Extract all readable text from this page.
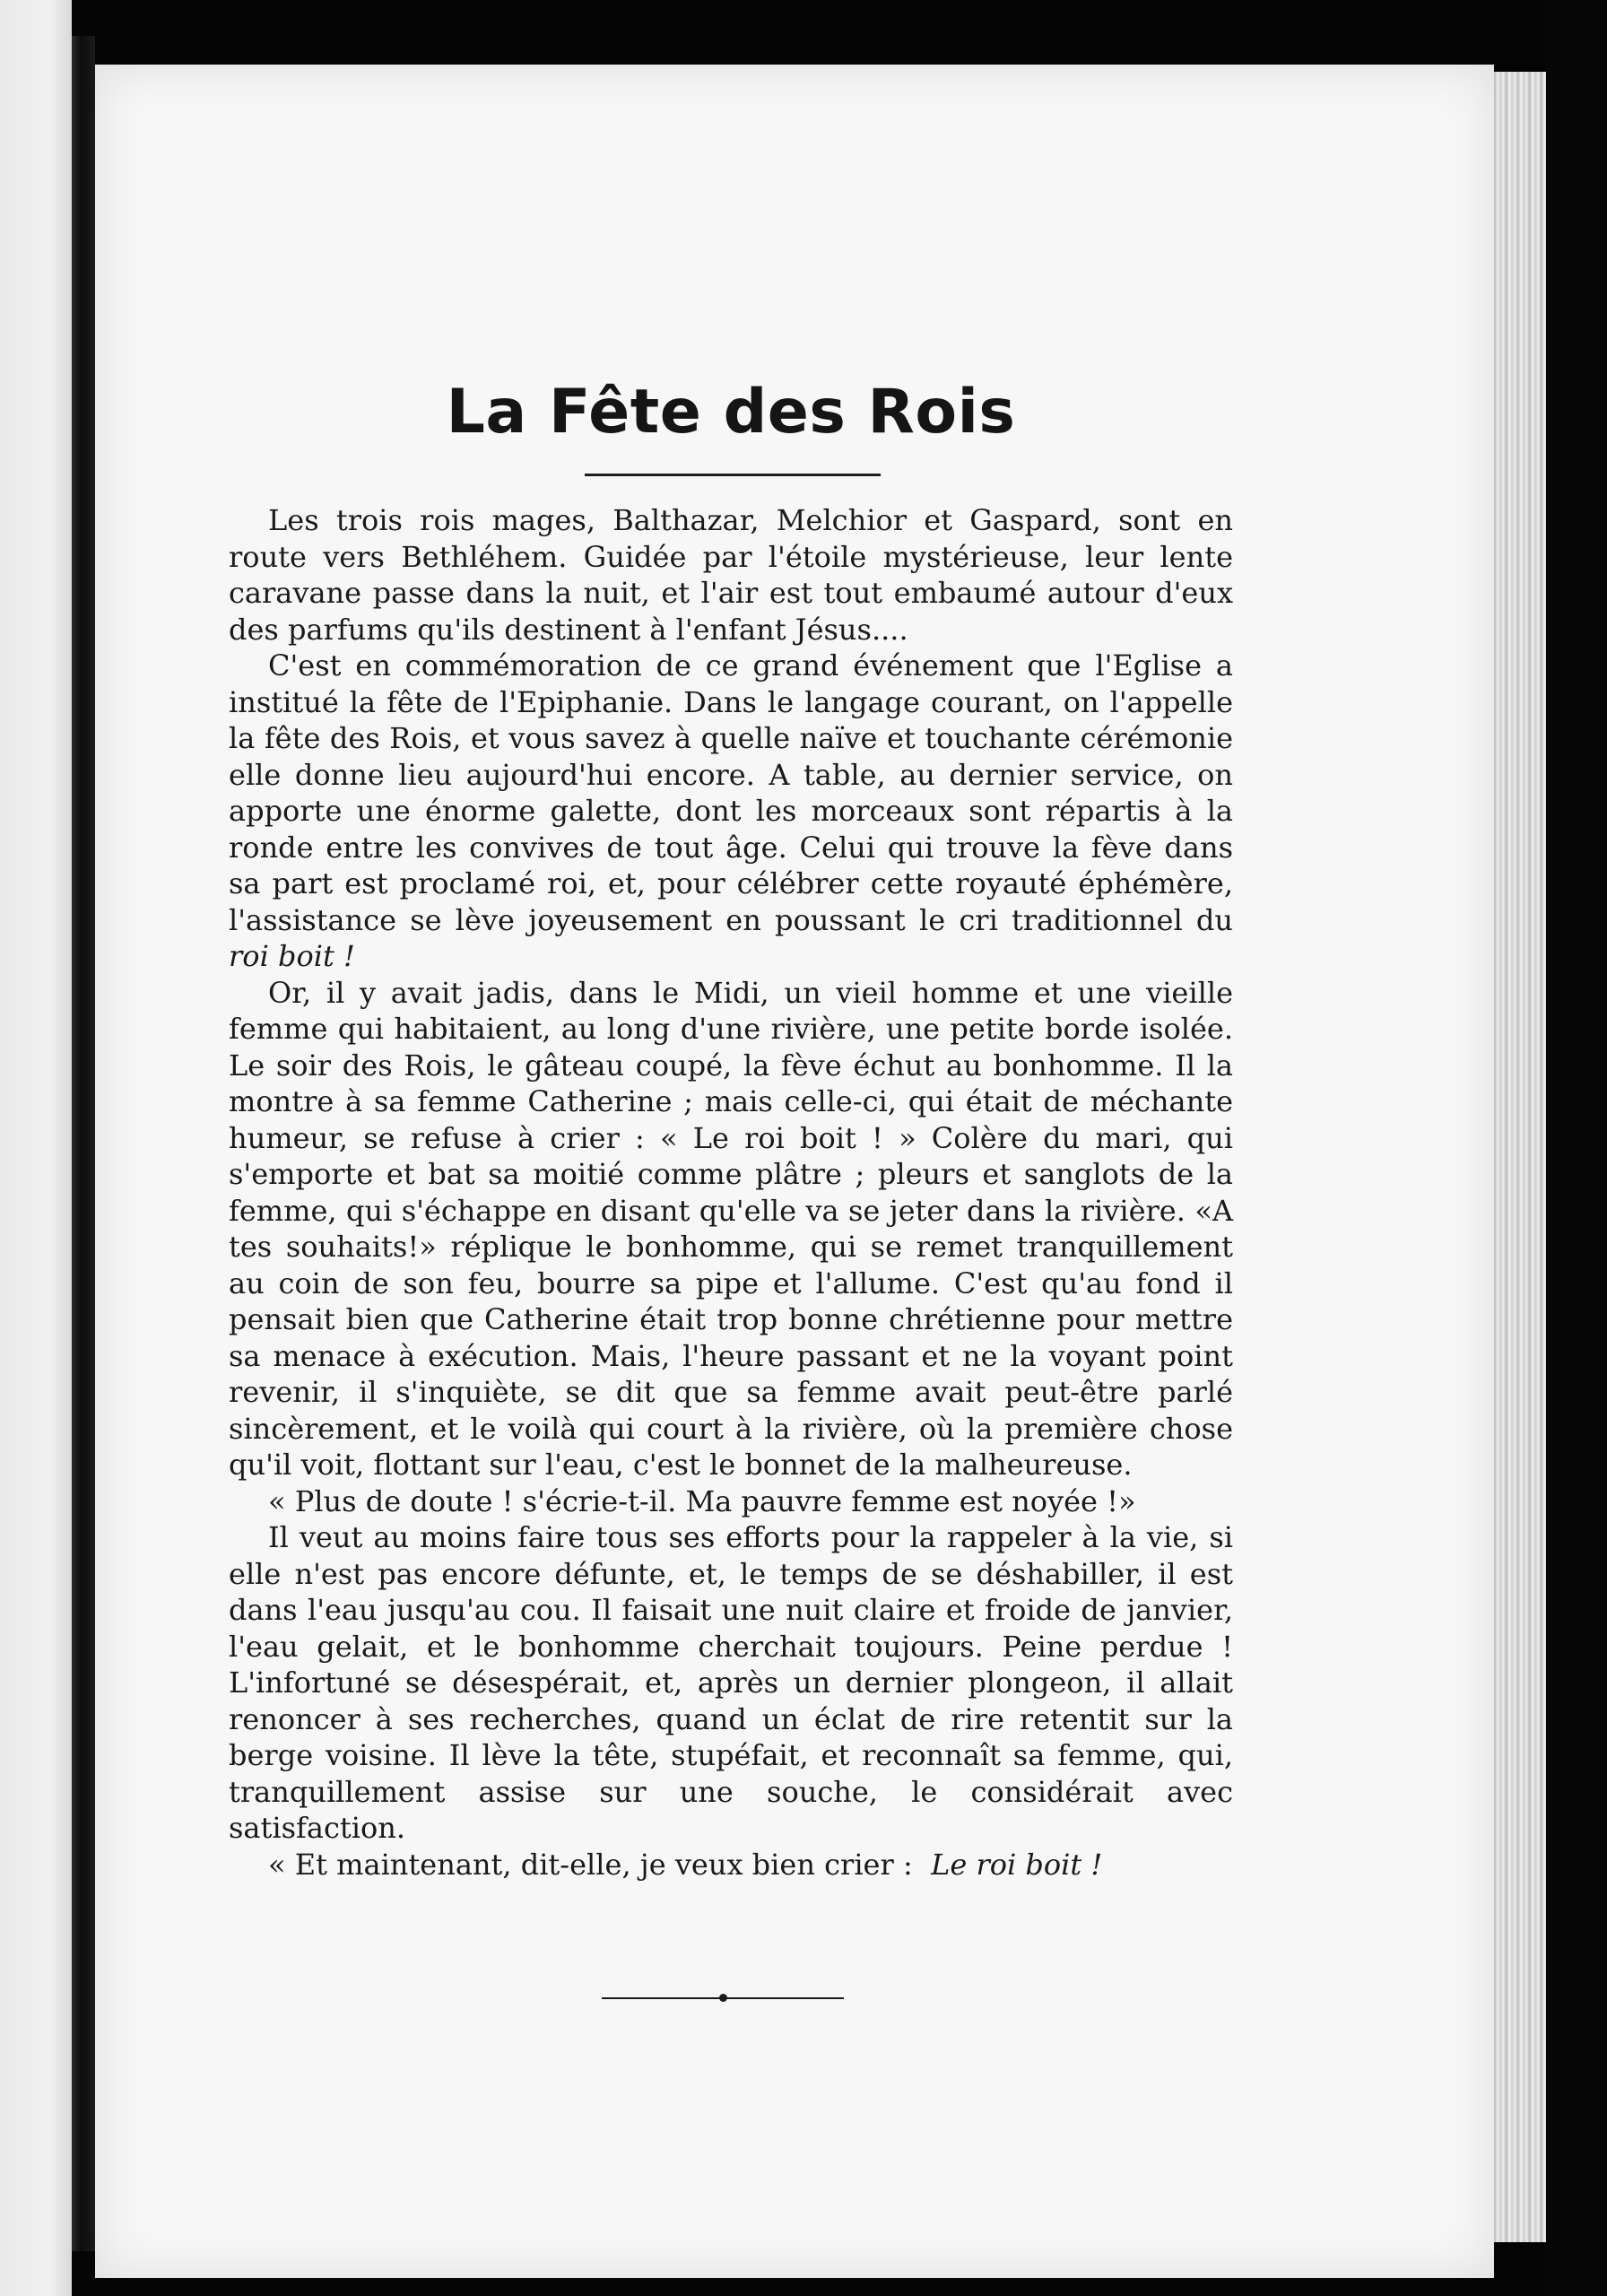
La Fête des Rois

Les trois rois mages, Balthazar, Melchior et Gaspard, sont en route vers Bethléhem. Guidée par l'étoile mystérieuse, leur lente caravane passe dans la nuit, et l'air est tout embaumé autour d'eux des parfums qu'ils destinent à l'enfant Jésus....

C'est en commémoration de ce grand événement que l'Eglise a institué la fête de l'Epiphanie. Dans le langage courant, on l'appelle la fête des Rois, et vous savez à quelle naïve et touchante cérémonie elle donne lieu aujourd'hui encore. A table, au dernier service, on apporte une énorme galette, dont les morceaux sont répartis à la ronde entre les convives de tout âge. Celui qui trouve la fève dans sa part est proclamé roi, et, pour célébrer cette royauté éphémère, l'assistance se lève joyeusement en poussant le cri traditionnel du roi boit !

Or, il y avait jadis, dans le Midi, un vieil homme et une vieille femme qui habitaient, au long d'une rivière, une petite borde isolée. Le soir des Rois, le gâteau coupé, la fève échut au bonhomme. Il la montre à sa femme Catherine ; mais celle-ci, qui était de méchante humeur, se refuse à crier : « Le roi boit ! » Colère du mari, qui s'emporte et bat sa moitié comme plâtre ; pleurs et sanglots de la femme, qui s'échappe en disant qu'elle va se jeter dans la rivière. «A tes souhaits!» réplique le bonhomme, qui se remet tranquillement au coin de son feu, bourre sa pipe et l'allume. C'est qu'au fond il pensait bien que Catherine était trop bonne chrétienne pour mettre sa menace à exécution. Mais, l'heure passant et ne la voyant point revenir, il s'inquiète, se dit que sa femme avait peut-être parlé sincèrement, et le voilà qui court à la rivière, où la première chose qu'il voit, flottant sur l'eau, c'est le bonnet de la malheureuse.

« Plus de doute ! s'écrie-t-il. Ma pauvre femme est noyée !»

Il veut au moins faire tous ses efforts pour la rappeler à la vie, si elle n'est pas encore défunte, et, le temps de se déshabiller, il est dans l'eau jusqu'au cou. Il faisait une nuit claire et froide de janvier, l'eau gelait, et le bonhomme cherchait toujours. Peine perdue ! L'infortuné se désespérait, et, après un dernier plongeon, il allait renoncer à ses recherches, quand un éclat de rire retentit sur la berge voisine. Il lève la tête, stupéfait, et reconnaît sa femme, qui, tranquillement assise sur une souche, le considérait avec satisfaction.

« Et maintenant, dit-elle, je veux bien crier : Le roi boit !
